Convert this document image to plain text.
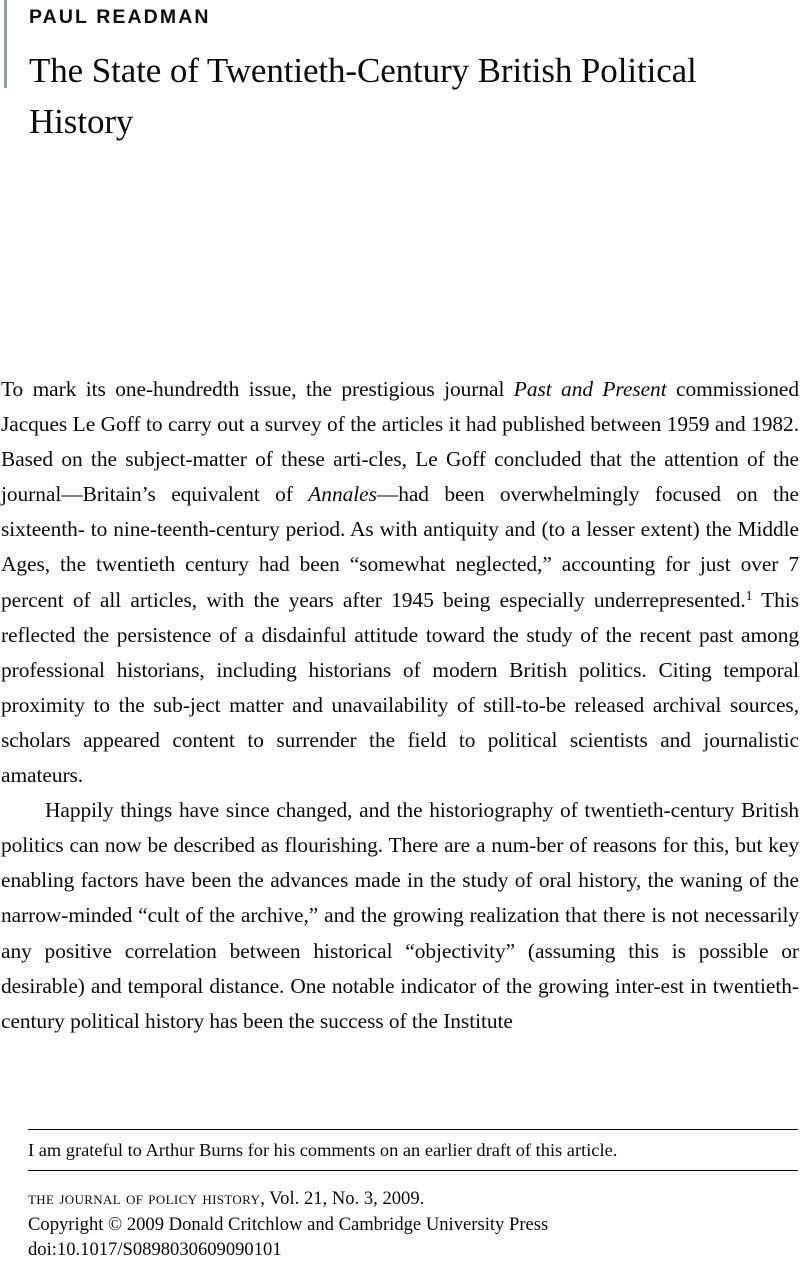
PAUL READMAN
The State of Twentieth-Century British Political History

To mark its one-hundredth issue, the prestigious journal Past and Present commissioned Jacques Le Goff to carry out a survey of the articles it had published between 1959 and 1982. Based on the subject-matter of these arti-cles, Le Goff concluded that the attention of the journal—Britain’s equivalent of Annales—had been overwhelmingly focused on the sixteenth- to nine-teenth-century period. As with antiquity and (to a lesser extent) the Middle Ages, the twentieth century had been “somewhat neglected,” accounting for just over 7 percent of all articles, with the years after 1945 being especially underrepresented.$^1$ This reflected the persistence of a disdainful attitude toward the study of the recent past among professional historians, including historians of modern British politics. Citing temporal proximity to the sub-ject matter and unavailability of still-to-be released archival sources, scholars appeared content to surrender the field to political scientists and journalistic amateurs.

Happily things have since changed, and the historiography of twentieth-century British politics can now be described as flourishing. There are a num-ber of reasons for this, but key enabling factors have been the advances made in the study of oral history, the waning of the narrow-minded “cult of the archive,” and the growing realization that there is not necessarily any positive correlation between historical “objectivity” (assuming this is possible or desirable) and temporal distance. One notable indicator of the growing inter-est in twentieth-century political history has been the success of the Institute

I am grateful to Arthur Burns for his comments on an earlier draft of this article.

the journal of policy history, Vol. 21, No. 3, 2009.

Copyright © 2009 Donald Critchlow and Cambridge University Press

doi:10.1017/S0898030609090101
